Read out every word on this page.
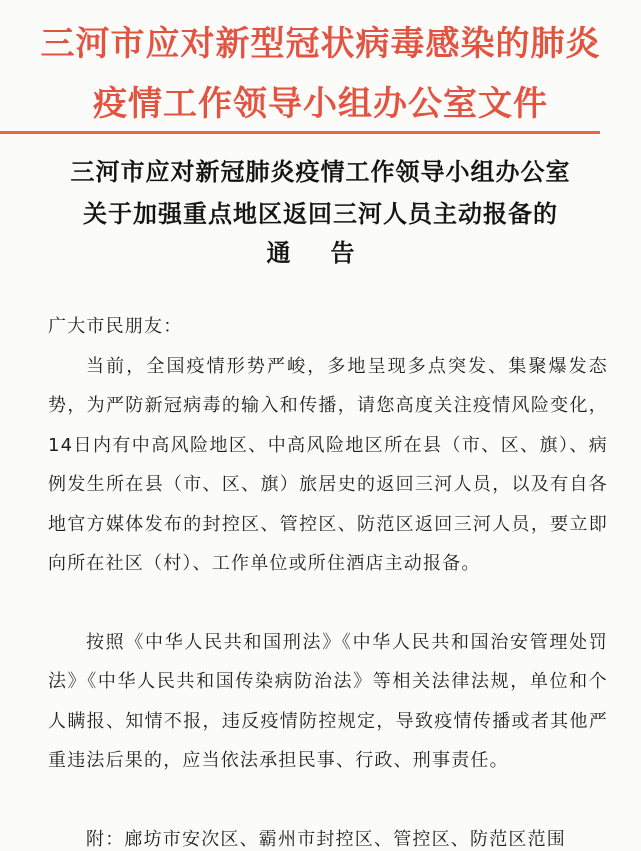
三河市应对新型冠状病毒感染的肺炎
疫情工作领导小组办公室文件
三河市应对新冠肺炎疫情工作领导小组办公室
关于加强重点地区返回三河人员主动报备的
通告
广大市民朋友：
当前，全国疫情形势严峻，多地呈现多点突发、集聚爆发态势，为严防新冠病毒的输入和传播，请您高度关注疫情风险变化，14日内有中高风险地区、中高风险地区所在县（市、区、旗）、病例发生所在县（市、区、旗）旅居史的返回三河人员，以及有自各地官方媒体发布的封控区、管控区、防范区返回三河人员，要立即向所在社区（村）、工作单位或所住酒店主动报备。
按照《中华人民共和国刑法》《中华人民共和国治安管理处罚法》《中华人民共和国传染病防治法》等相关法律法规，单位和个人瞒报、知情不报，违反疫情防控规定，导致疫情传播或者其他严重违法后果的，应当依法承担民事、行政、刑事责任。
附：廊坊市安次区、霸州市封控区、管控区、防范区范围
